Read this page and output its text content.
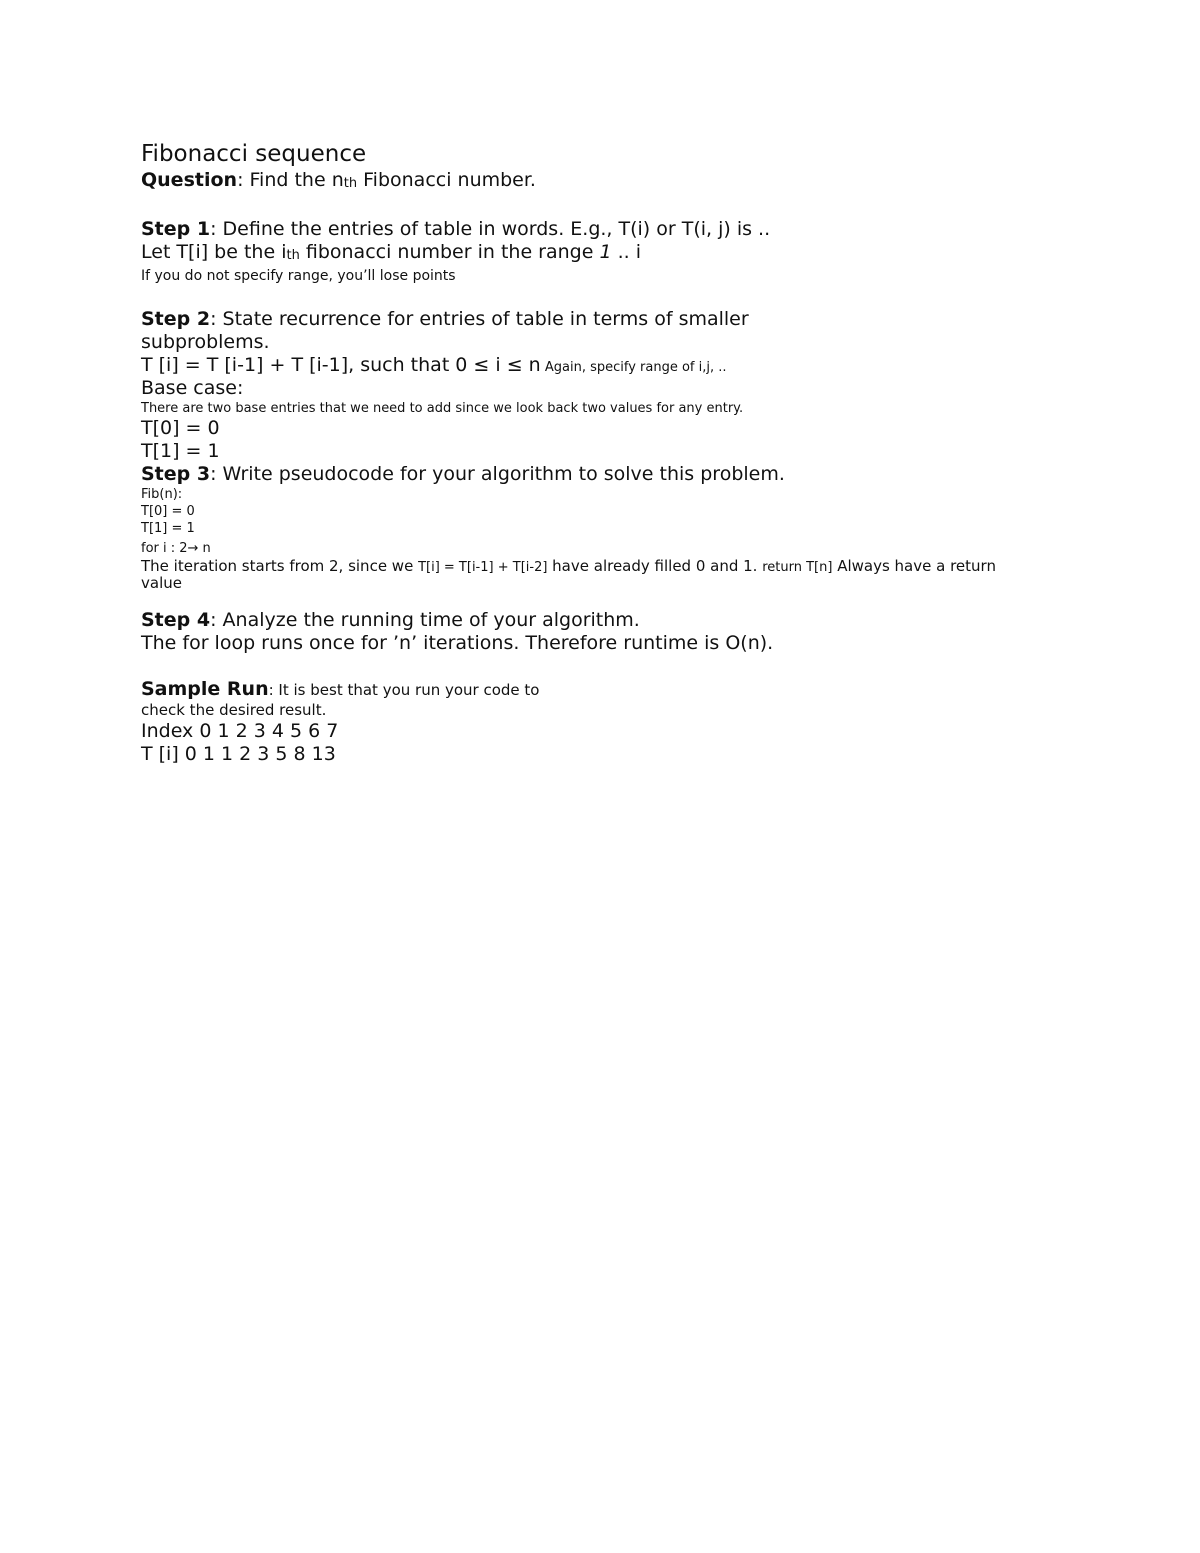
Fibonacci sequence
Question: Find the nth Fibonacci number.
Step 1: Define the entries of table in words. E.g., T(i) or T(i, j) is ..
Let T[i] be the ith fibonacci number in the range 1 .. i
If you do not specify range, you’ll lose points
Step 2: State recurrence for entries of table in terms of smaller
subproblems.
T [i] = T [i-1] + T [i-1], such that 0 ≤ i ≤ n Again, specify range of i,j, ..
Base case:
There are two base entries that we need to add since we look back two values for any entry.
T[0] = 0
T[1] = 1
Step 3: Write pseudocode for your algorithm to solve this problem.
Fib(n):
T[0] = 0
T[1] = 1
for i : 2→ n
The iteration starts from 2, since we T[i] = T[i-1] + T[i-2] have already filled 0 and 1. return T[n] Always have a return
value
Step 4: Analyze the running time of your algorithm.
The for loop runs once for ’n’ iterations. Therefore runtime is O(n).
Sample Run: It is best that you run your code to
check the desired result.
Index 0 1 2 3 4 5 6 7
T [i] 0 1 1 2 3 5 8 13
